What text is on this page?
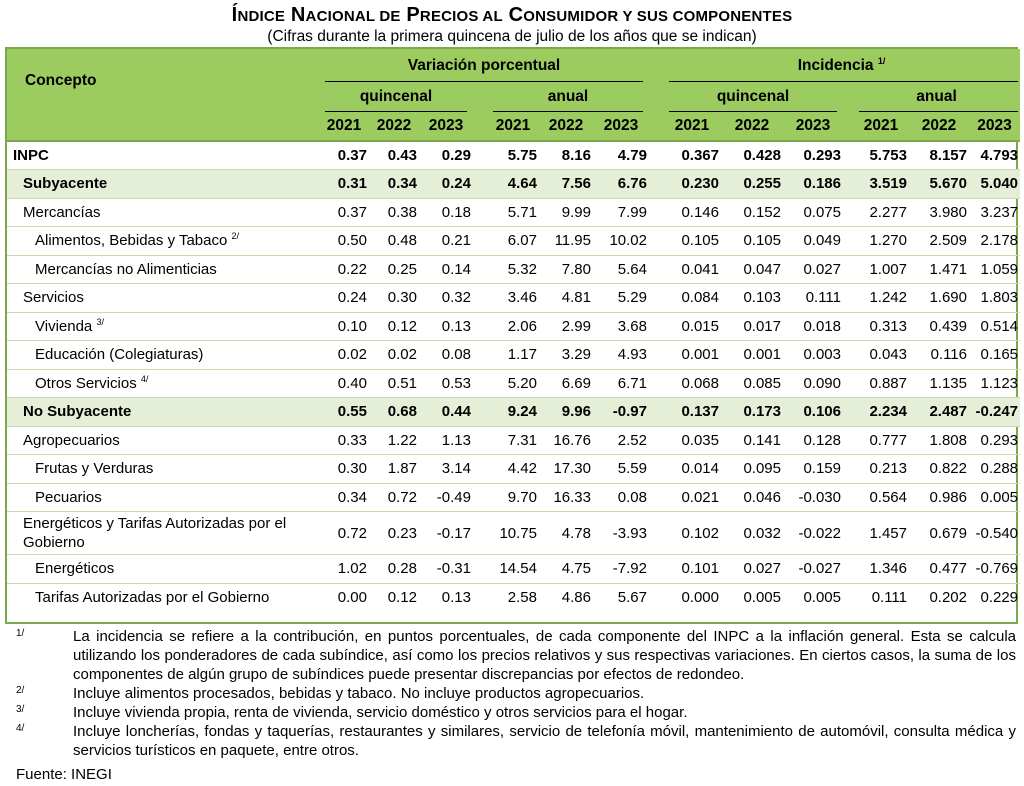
ÍNDICE NACIONAL DE PRECIOS AL CONSUMIDOR Y SUS COMPONENTES
(Cifras durante la primera quincena de julio de los años que se indican)
Concepto	Variación porcentual								Incidencia $^{1/}$
	quincenal				anual				quincenal				anual		
	2021	2022	2023		2021	2022	2023		2021	2022	2023		2021	2022	2023
INPC	0.37	0.43	0.29		5.75	8.16	4.79		0.367	0.428	0.293		5.753	8.157	4.793
Subyacente	0.31	0.34	0.24		4.64	7.56	6.76		0.230	0.255	0.186		3.519	5.670	5.040
Mercancías	0.37	0.38	0.18		5.71	9.99	7.99		0.146	0.152	0.075		2.277	3.980	3.237
Alimentos, Bebidas y Tabaco $^{2/}$	0.50	0.48	0.21		6.07	11.95	10.02		0.105	0.105	0.049		1.270	2.509	2.178
Mercancías no Alimenticias	0.22	0.25	0.14		5.32	7.80	5.64		0.041	0.047	0.027		1.007	1.471	1.059
Servicios	0.24	0.30	0.32		3.46	4.81	5.29		0.084	0.103	0.111		1.242	1.690	1.803
Vivienda $^{3/}$	0.10	0.12	0.13		2.06	2.99	3.68		0.015	0.017	0.018		0.313	0.439	0.514
Educación (Colegiaturas)	0.02	0.02	0.08		1.17	3.29	4.93		0.001	0.001	0.003		0.043	0.116	0.165
Otros Servicios $^{4/}$	0.40	0.51	0.53		5.20	6.69	6.71		0.068	0.085	0.090		0.887	1.135	1.123
No Subyacente	0.55	0.68	0.44		9.24	9.96	-0.97		0.137	0.173	0.106		2.234	2.487	-0.247
Agropecuarios	0.33	1.22	1.13		7.31	16.76	2.52		0.035	0.141	0.128		0.777	1.808	0.293
Frutas y Verduras	0.30	1.87	3.14		4.42	17.30	5.59		0.014	0.095	0.159		0.213	0.822	0.288
Pecuarios	0.34	0.72	-0.49		9.70	16.33	0.08		0.021	0.046	-0.030		0.564	0.986	0.005
Energéticos y Tarifas Autorizadas por el Gobierno	0.72	0.23	-0.17		10.75	4.78	-3.93		0.102	0.032	-0.022		1.457	0.679	-0.540
Energéticos	1.02	0.28	-0.31		14.54	4.75	-7.92		0.101	0.027	-0.027		1.346	0.477	-0.769
Tarifas Autorizadas por el Gobierno	0.00	0.12	0.13		2.58	4.86	5.67		0.000	0.005	0.005		0.111	0.202	0.229
1/	La incidencia se refiere a la contribución, en puntos porcentuales, de cada componente del INPC a la inflación general. Esta se calcula utilizando los ponderadores de cada subíndice, así como los precios relativos y sus respectivas variaciones. En ciertos casos, la suma de los componentes de algún grupo de subíndices puede presentar discrepancias por efectos de redondeo.
2/	Incluye alimentos procesados, bebidas y tabaco. No incluye productos agropecuarios.
3/	Incluye vivienda propia, renta de vivienda, servicio doméstico y otros servicios para el hogar.
4/	Incluye loncherías, fondas y taquerías, restaurantes y similares, servicio de telefonía móvil, mantenimiento de automóvil, consulta médica y servicios turísticos en paquete, entre otros.
Fuente: INEGI
